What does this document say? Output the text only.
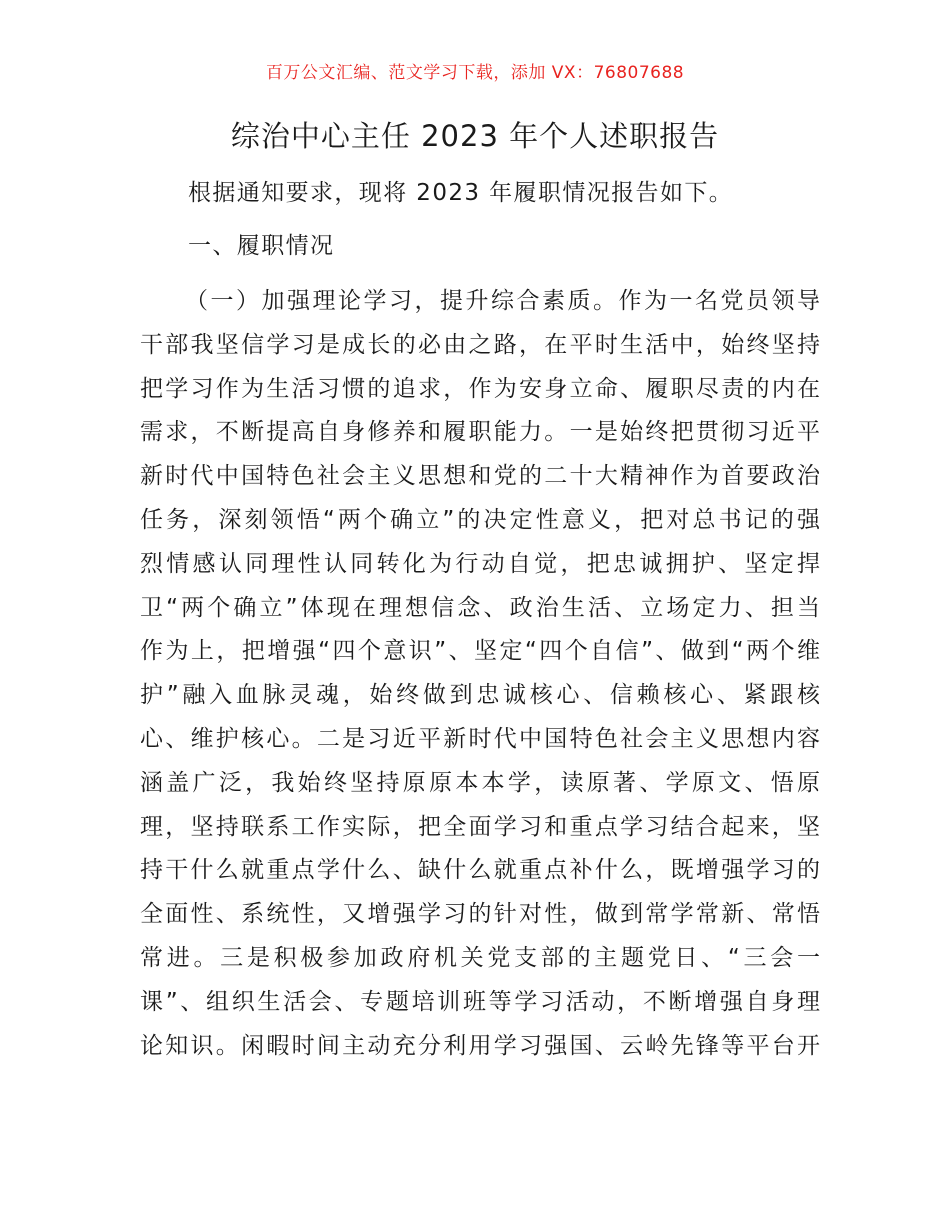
百万公文汇编、范文学习下载，添加 VX：76807688
综治中心主任 2023 年个人述职报告
根据通知要求，现将 2023 年履职情况报告如下。
一、履职情况
（一）加强理论学习，提升综合素质。作为一名党员领导
干部我坚信学习是成长的必由之路，在平时生活中，始终坚持
把学习作为生活习惯的追求，作为安身立命、履职尽责的内在
需求，不断提高自身修养和履职能力。一是始终把贯彻习近平
新时代中国特色社会主义思想和党的二十大精神作为首要政治
任务，深刻领悟“两个确立”的决定性意义，把对总书记的强
烈情感认同理性认同转化为行动自觉，把忠诚拥护、坚定捍
卫“两个确立”体现在理想信念、政治生活、立场定力、担当
作为上，把增强“四个意识”、坚定“四个自信”、做到“两个维
护”融入血脉灵魂，始终做到忠诚核心、信赖核心、紧跟核
心、维护核心。二是习近平新时代中国特色社会主义思想内容
涵盖广泛，我始终坚持原原本本学，读原著、学原文、悟原
理，坚持联系工作实际，把全面学习和重点学习结合起来，坚
持干什么就重点学什么、缺什么就重点补什么，既增强学习的
全面性、系统性，又增强学习的针对性，做到常学常新、常悟
常进。三是积极参加政府机关党支部的主题党日、“三会一
课”、组织生活会、专题培训班等学习活动，不断增强自身理
论知识。闲暇时间主动充分利用学习强国、云岭先锋等平台开
